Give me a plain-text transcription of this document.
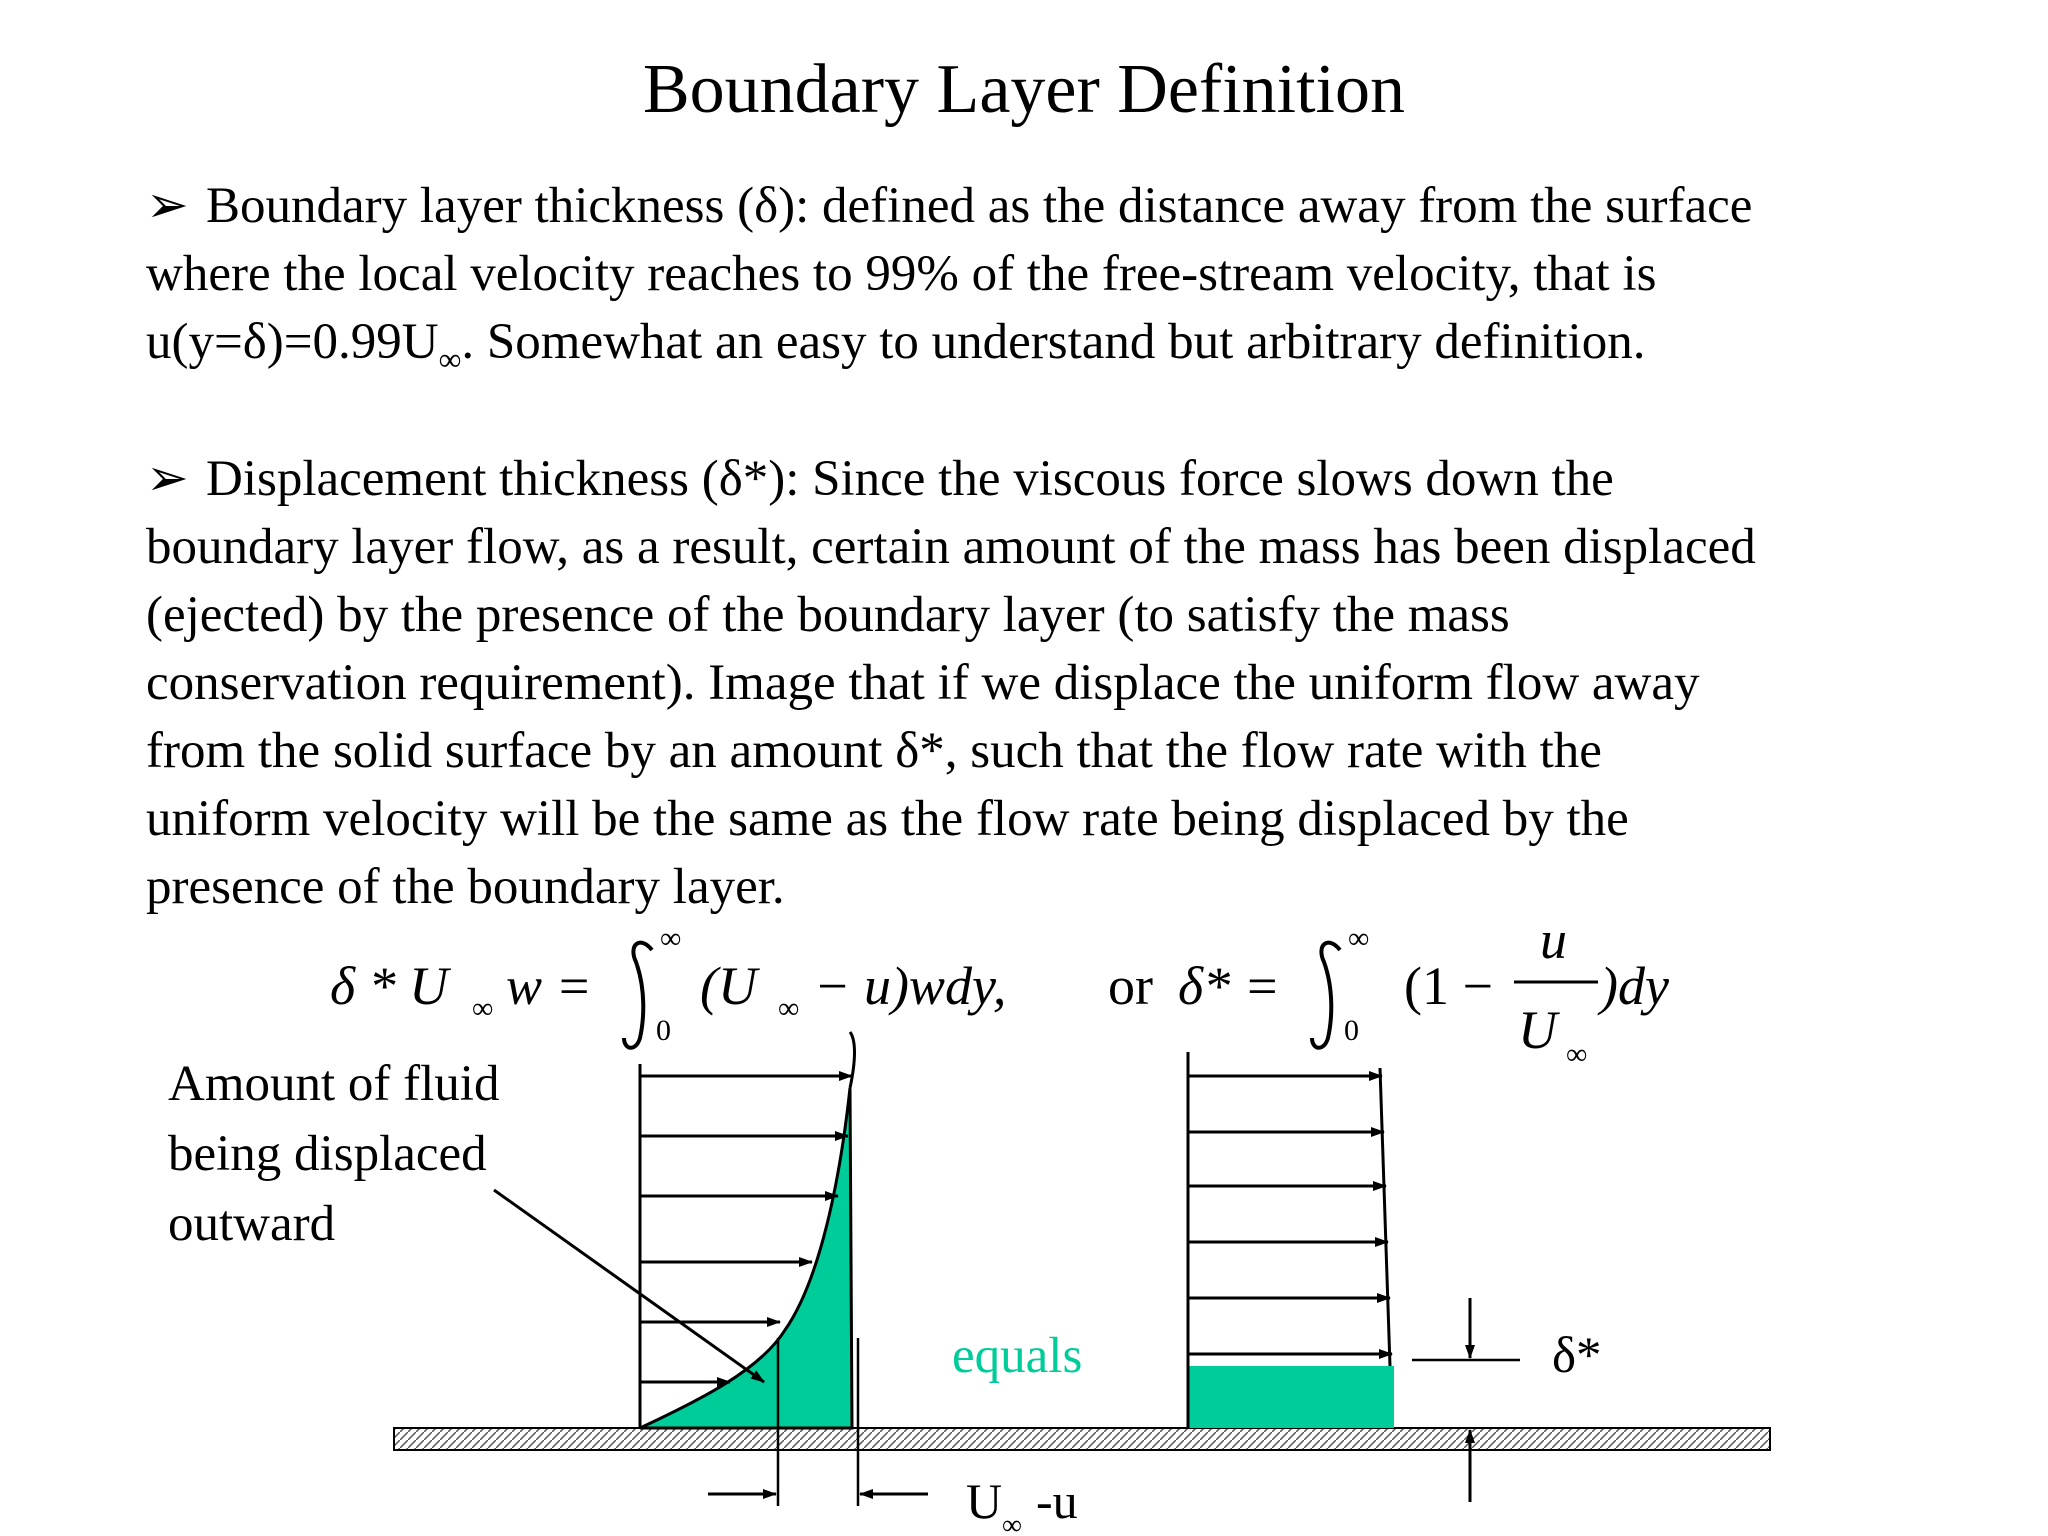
Boundary Layer Definition
➢ Boundary layer thickness (δ): defined as the distance away from the surface
where the local velocity reaches to 99% of the free-stream velocity, that is
$u(y=\delta)=0.99U_\infty$. Somewhat an easy to understand but arbitrary definition.
➢ Displacement thickness (δ*): Since the viscous force slows down the
boundary layer flow, as a result, certain amount of the mass has been displaced
(ejected) by the presence of the boundary layer (to satisfy the mass
conservation requirement). Image that if we displace the uniform flow away
from the solid surface by an amount δ*, such that the flow rate with the
uniform velocity will be the same as the flow rate being displaced by the
presence of the boundary layer.
δ * U ∞ w =
∞
0
(U ∞ − u)wdy, or δ* =
∞
0
(1 −
u
U ∞
)dy
U ∞ -u
Amount of fluid
being displaced
outward
equals	δ*
